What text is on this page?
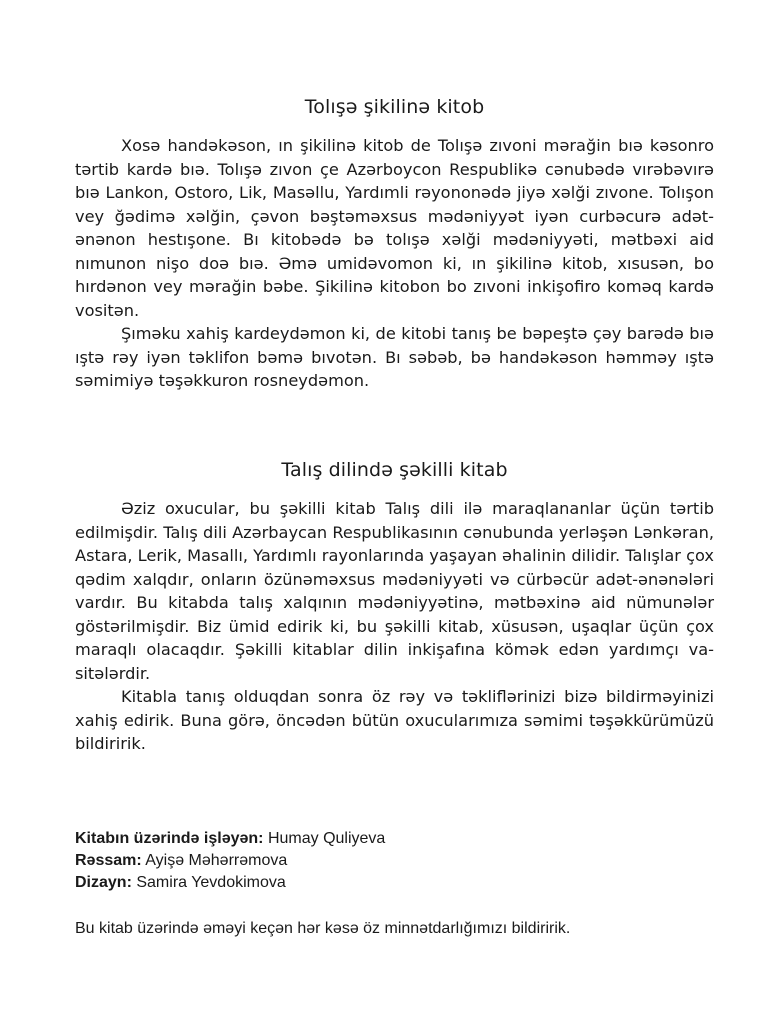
Tolışə şikilinə kitob

Xosə handəkəson, ın şikilinə kitob de Tolışə zıvoni mərağin bıə kəsonro tərtib kardə bıə. Tolışə zıvon çe Azərboycon Respublikə cənubədə vırəbəvırə bıə Lankon, Ostoro, Lik, Masəllu, Yardımli rəyononədə jiyə xəlği zıvone. Tolışon vey ğədimə xəlğin, çəvon bəştəməxsus mədəniyyət iyən curbəcurə adət-ənənon hestışone. Bı kitobədə bə tolışə xəlği mədəniyyəti, mətbəxi aid nımunon nişo doə bıə. Əmə umidəvomon ki, ın şikilinə kitob, xısusən, bo hırdənon vey mərağin bəbe. Şikilinə kitobon bo zıvoni inkişofiro koməq kardə vositən.

Şıməku xahiş kardeydəmon ki, de kitobi tanış be bəpeştə çəy barədə bıə ıştə rəy iyən təklifon bəmə bıvotən. Bı səbəb, bə handəkəson həmməy ıştə səmimiyə təşəkkuron rosneydəmon.

Talış dilində şəkilli kitab

Əziz oxucular, bu şəkilli kitab Talış dili ilə maraqlananlar üçün tərtib edilmişdir. Talış dili Azərbaycan Respublikasının cənubunda yerləşən Lənkəran, Astara, Lerik, Masallı, Yardımlı rayonlarında yaşayan əhalinin dilidir. Talışlar çox qədim xalqdır, onların özünəməxsus mədəniyyəti və cürbəcür adət-ənənələri vardır. Bu kitabda talış xalqının mədəniyyətinə, mətbəxinə aid nümunələr göstərilmişdir. Biz ümid edirik ki, bu şəkilli kitab, xüsusən, uşaqlar üçün çox maraqlı olacaqdır. Şəkilli kitablar dilin inkişafına kömək edən yardımçı vasitələrdir.

Kitabla tanış olduqdan sonra öz rəy və təkliflərinizi bizə bildirməyinizi xahiş edirik. Buna görə, öncədən bütün oxucularımıza səmimi təşəkkürümüzü bildiririk.

Kitabın üzərində işləyən: Humay Quliyeva

Rəssam: Ayişə Məhərrəmova

Dizayn: Samira Yevdokimova

Bu kitab üzərində əməyi keçən hər kəsə öz minnətdarlığımızı bildiririk.
